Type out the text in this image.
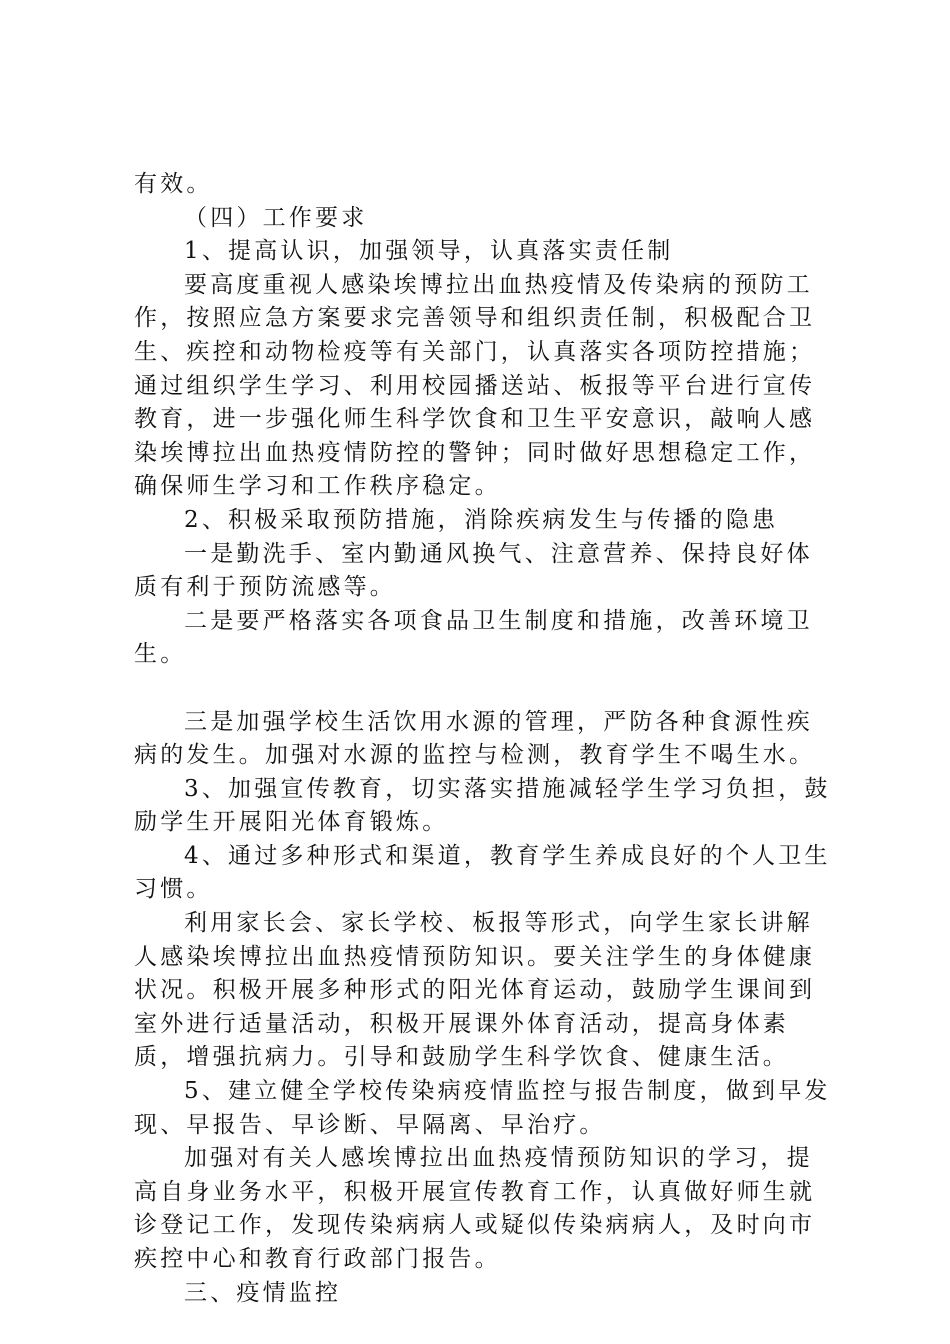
有效。

（四）工作要求

1、提高认识，加强领导，认真落实责任制

要高度重视人感染埃博拉出血热疫情及传染病的预防工作，按照应急方案要求完善领导和组织责任制，积极配合卫生、疾控和动物检疫等有关部门，认真落实各项防控措施；通过组织学生学习、利用校园播送站、板报等平台进行宣传教育，进一步强化师生科学饮食和卫生平安意识，敲响人感染埃博拉出血热疫情防控的警钟；同时做好思想稳定工作，确保师生学习和工作秩序稳定。

2、积极采取预防措施，消除疾病发生与传播的隐患

一是勤洗手、室内勤通风换气、注意营养、保持良好体质有利于预防流感等。

二是要严格落实各项食品卫生制度和措施，改善环境卫生。

三是加强学校生活饮用水源的管理，严防各种食源性疾病的发生。加强对水源的监控与检测，教育学生不喝生水。

3、加强宣传教育，切实落实措施减轻学生学习负担，鼓励学生开展阳光体育锻炼。

4、通过多种形式和渠道，教育学生养成良好的个人卫生习惯。

利用家长会、家长学校、板报等形式，向学生家长讲解人感染埃博拉出血热疫情预防知识。要关注学生的身体健康状况。积极开展多种形式的阳光体育运动，鼓励学生课间到室外进行适量活动，积极开展课外体育活动，提高身体素质，增强抗病力。引导和鼓励学生科学饮食、健康生活。

5、建立健全学校传染病疫情监控与报告制度，做到早发现、早报告、早诊断、早隔离、早治疗。

加强对有关人感埃博拉出血热疫情预防知识的学习，提高自身业务水平，积极开展宣传教育工作，认真做好师生就诊登记工作，发现传染病病人或疑似传染病病人，及时向市疾控中心和教育行政部门报告。

三、疫情监控
